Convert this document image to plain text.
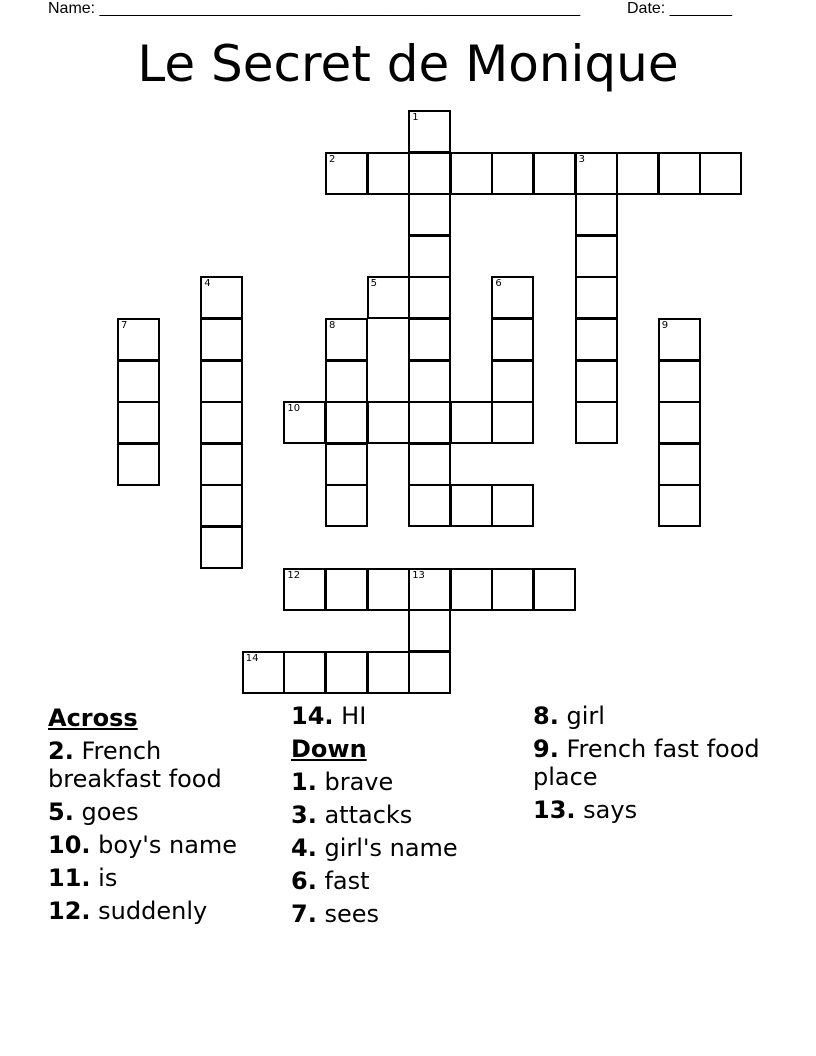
Name: ______________________________________________________	Date: _______
Le Secret de Monique
1
2	3
4	5	6
7	8	9
10
12	13
14
Across
2. French breakfast food
5. goes
10. boy's name
11. is
12. suddenly
14. HI
Down
1. brave
3. attacks
4. girl's name
6. fast
7. sees
8. girl
9. French fast food place
13. says
